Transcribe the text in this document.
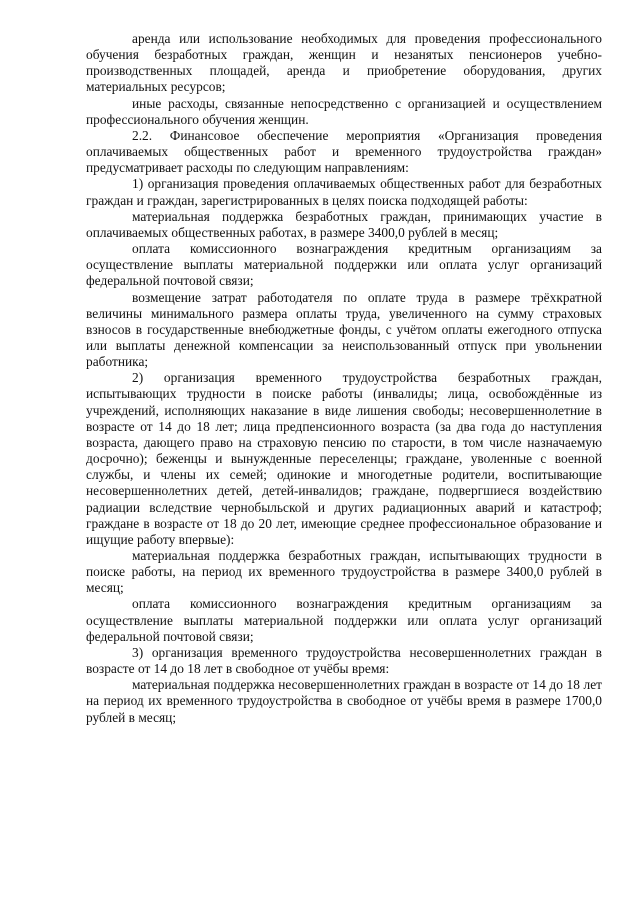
аренда или использование необходимых для проведения профессионального обучения безработных граждан, женщин и незанятых пенсионеров учебно-производственных площадей, аренда и приобретение оборудования, других материальных ресурсов;

иные расходы, связанные непосредственно с организацией и осуществлением профессионального обучения женщин.

2.2. Финансовое обеспечение мероприятия «Организация проведения оплачиваемых общественных работ и временного трудоустройства граждан» предусматривает расходы по следующим направлениям:

1) организация проведения оплачиваемых общественных работ для безработных граждан и граждан, зарегистрированных в целях поиска подходящей работы:

материальная поддержка безработных граждан, принимающих участие в оплачиваемых общественных работах, в размере 3400,0 рублей в месяц;

оплата комиссионного вознаграждения кредитным организациям за осуществление выплаты материальной поддержки или оплата услуг организаций федеральной почтовой связи;

возмещение затрат работодателя по оплате труда в размере трёхкратной величины минимального размера оплаты труда, увеличенного на сумму страховых взносов в государственные внебюджетные фонды, с учётом оплаты ежегодного отпуска или выплаты денежной компенсации за неиспользованный отпуск при увольнении работника;

2) организация временного трудоустройства безработных граждан, испытывающих трудности в поиске работы (инвалиды; лица, освобождённые из учреждений, исполняющих наказание в виде лишения свободы; несовершеннолетние в возрасте от 14 до 18 лет; лица предпенсионного возраста (за два года до наступления возраста, дающего право на страховую пенсию по старости, в том числе назначаемую досрочно); беженцы и вынужденные переселенцы; граждане, уволенные с военной службы, и члены их семей; одинокие и многодетные родители, воспитывающие несовершеннолетних детей, детей-инвалидов; граждане, подвергшиеся воздействию радиации вследствие чернобыльской и других радиационных аварий и катастроф; граждане в возрасте от 18 до 20 лет, имеющие среднее профессиональное образование и ищущие работу впервые):

материальная поддержка безработных граждан, испытывающих трудности в поиске работы, на период их временного трудоустройства в размере 3400,0 рублей в месяц;

оплата комиссионного вознаграждения кредитным организациям за осуществление выплаты материальной поддержки или оплата услуг организаций федеральной почтовой связи;

3) организация временного трудоустройства несовершеннолетних граждан в возрасте от 14 до 18 лет в свободное от учёбы время:

материальная поддержка несовершеннолетних граждан в возрасте от 14 до 18 лет на период их временного трудоустройства в свободное от учёбы время в размере 1700,0 рублей в месяц;
